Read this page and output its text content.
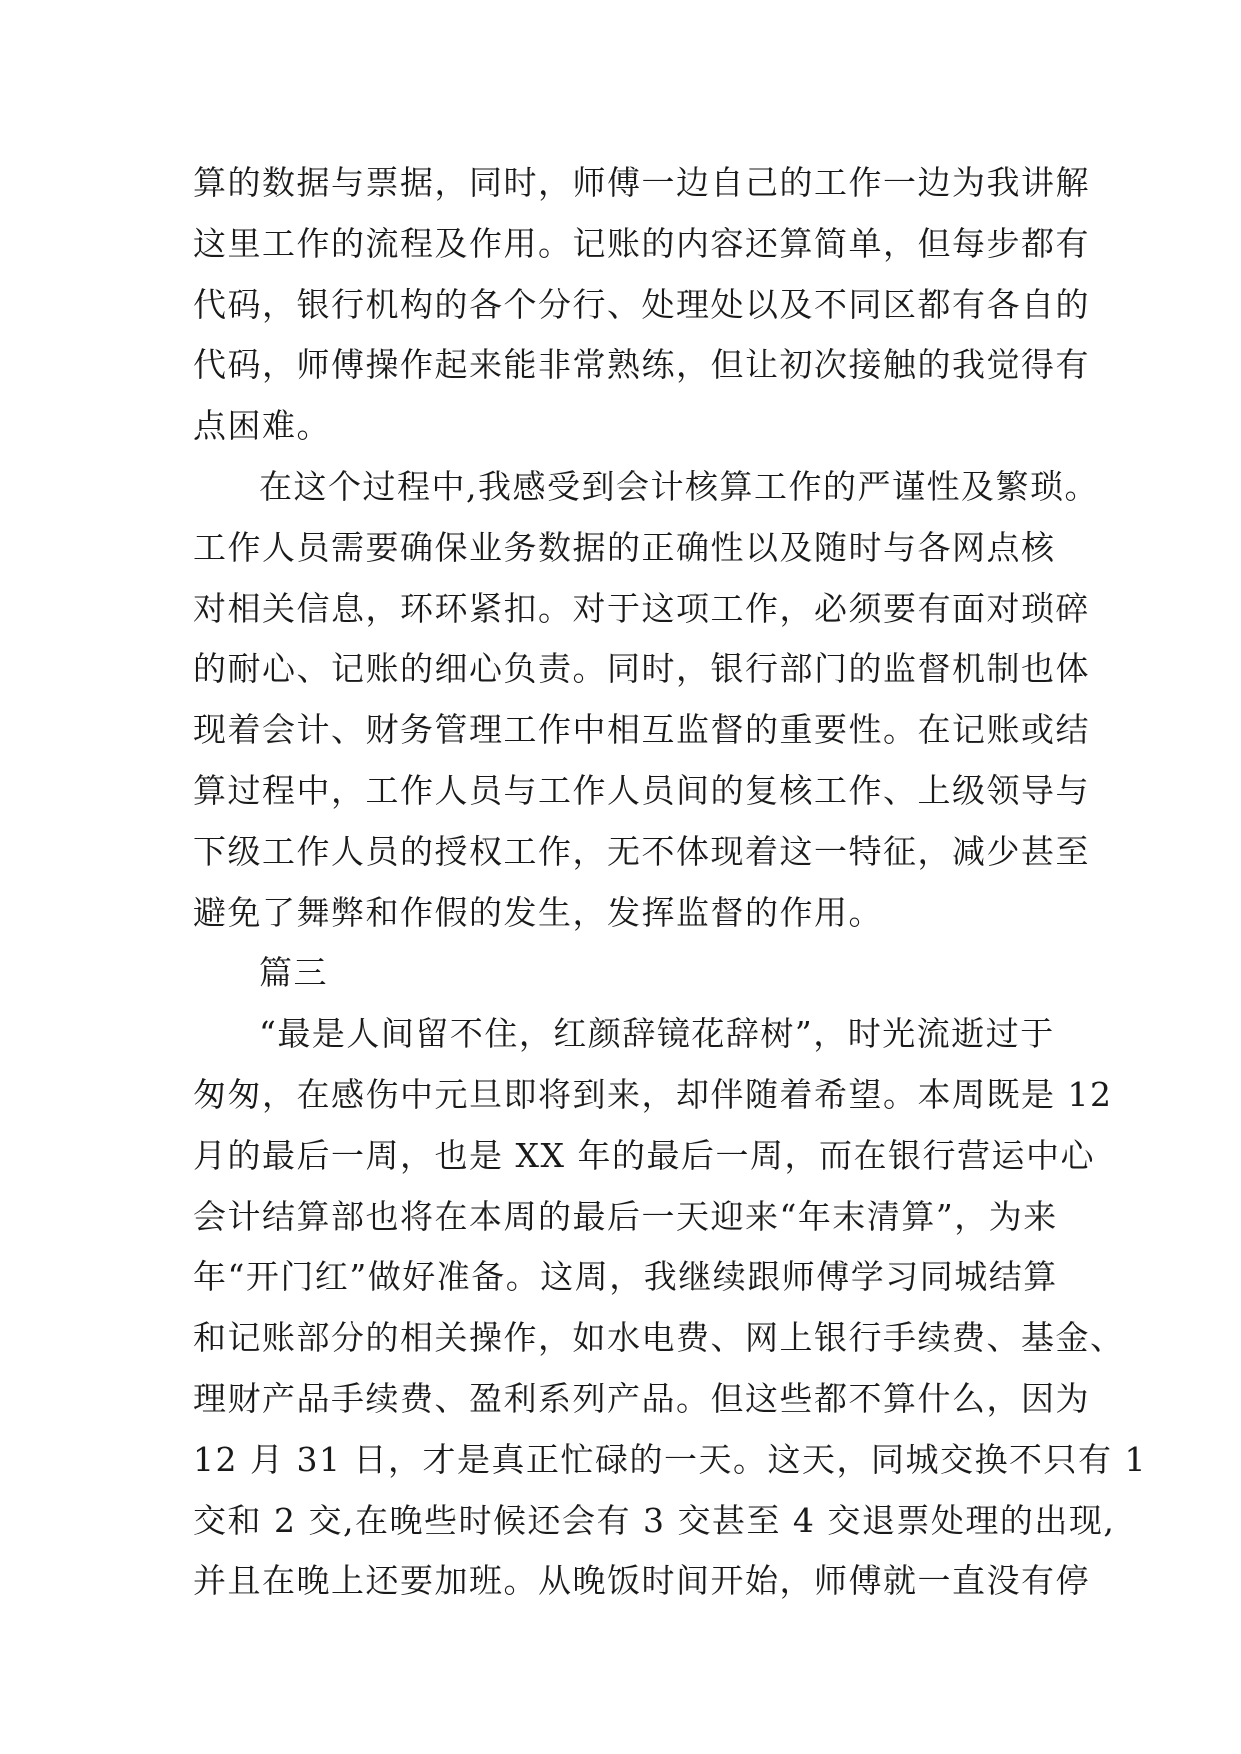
算的数据与票据，同时，师傅一边自己的工作一边为我讲解
这里工作的流程及作用。记账的内容还算简单，但每步都有
代码，银行机构的各个分行、处理处以及不同区都有各自的
代码，师傅操作起来能非常熟练，但让初次接触的我觉得有
点困难。
在这个过程中,我感受到会计核算工作的严谨性及繁琐。
工作人员需要确保业务数据的正确性以及随时与各网点核
对相关信息，环环紧扣。对于这项工作，必须要有面对琐碎
的耐心、记账的细心负责。同时，银行部门的监督机制也体
现着会计、财务管理工作中相互监督的重要性。在记账或结
算过程中，工作人员与工作人员间的复核工作、上级领导与
下级工作人员的授权工作，无不体现着这一特征，减少甚至
避免了舞弊和作假的发生，发挥监督的作用。
篇三
“最是人间留不住，红颜辞镜花辞树”，时光流逝过于
匆匆，在感伤中元旦即将到来，却伴随着希望。本周既是 12
月的最后一周，也是 XX 年的最后一周，而在银行营运中心
会计结算部也将在本周的最后一天迎来“年末清算”，为来
年“开门红”做好准备。这周，我继续跟师傅学习同城结算
和记账部分的相关操作，如水电费、网上银行手续费、基金、
理财产品手续费、盈利系列产品。但这些都不算什么，因为
12 月 31 日，才是真正忙碌的一天。这天，同城交换不只有 1
交和 2 交,在晚些时候还会有 3 交甚至 4 交退票处理的出现,
并且在晚上还要加班。从晚饭时间开始，师傅就一直没有停
